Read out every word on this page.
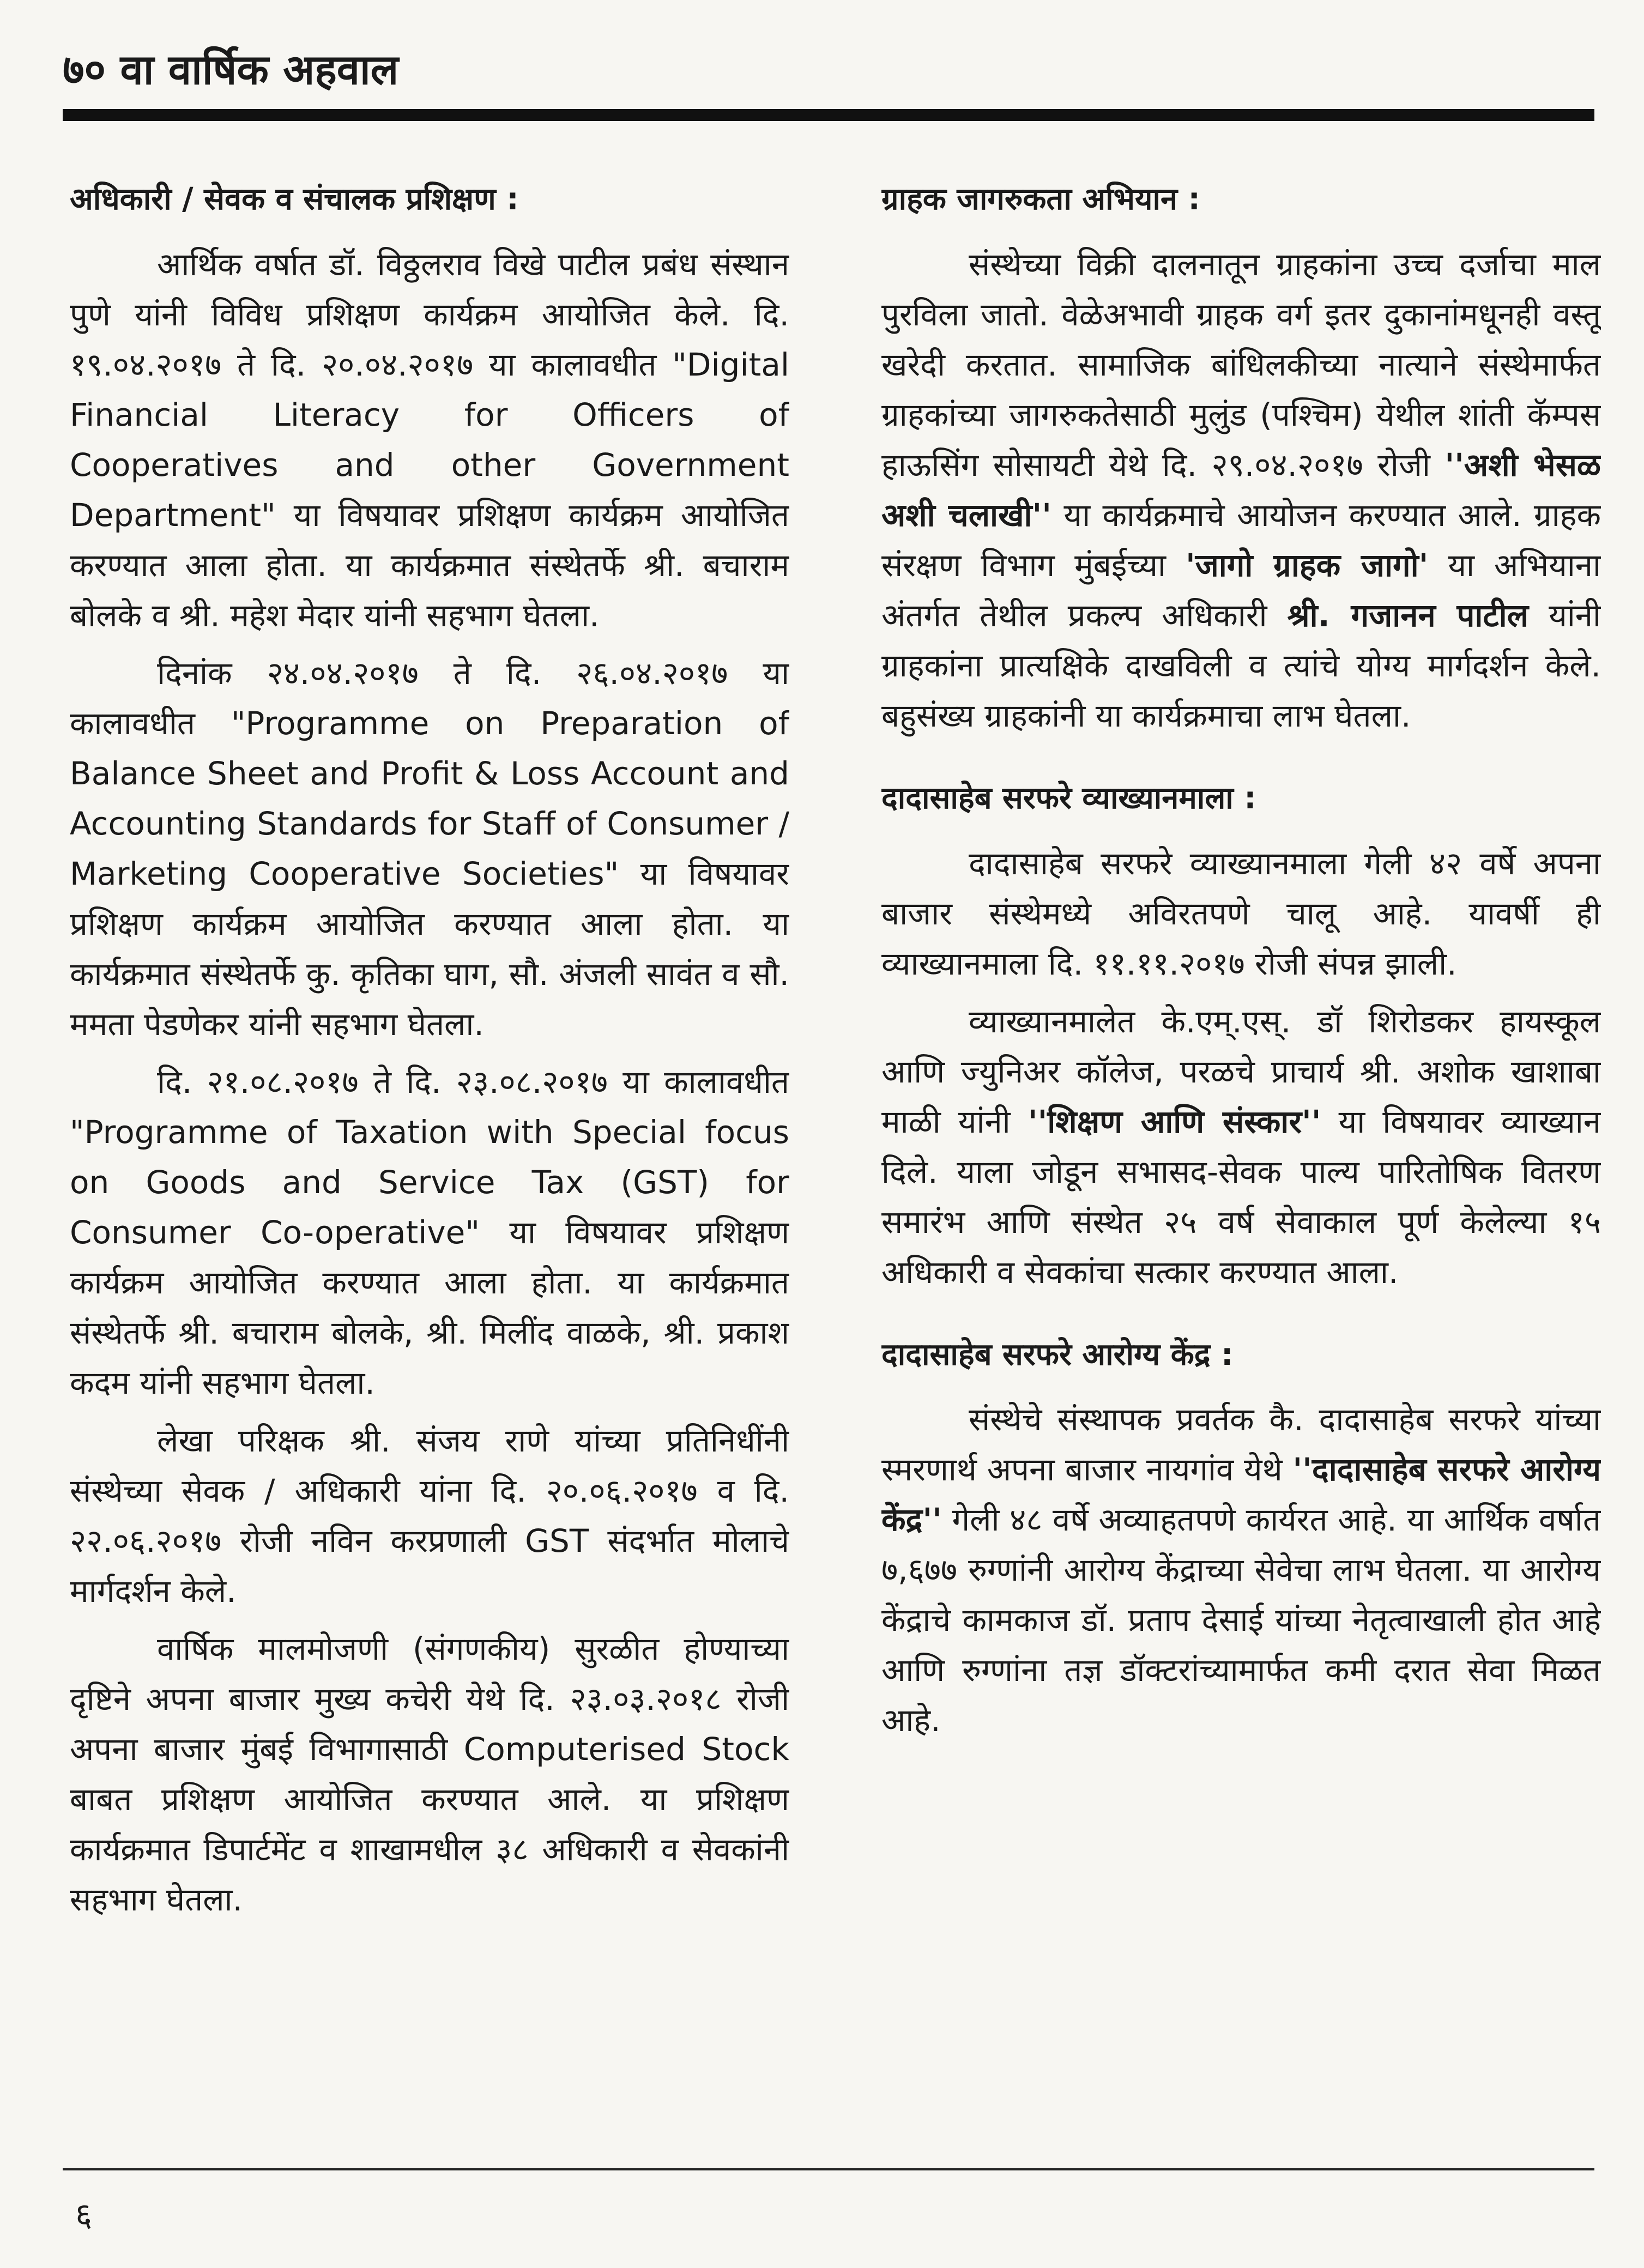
७० वा वार्षिक अहवाल
अधिकारी / सेवक व संचालक प्रशिक्षण :

आर्थिक वर्षात डॉ. विठ्ठलराव विखे पाटील प्रबंध संस्थान पुणे यांनी विविध प्रशिक्षण कार्यक्रम आयोजित केले. दि. १९.०४.२०१७ ते दि. २०.०४.२०१७ या कालावधीत "Digital Financial Literacy for Officers of Cooperatives and other Government Department" या विषयावर प्रशिक्षण कार्यक्रम आयोजित करण्यात आला होता. या कार्यक्रमात संस्थेतर्फे श्री. बचाराम बोलके व श्री. महेश मेदार यांनी सहभाग घेतला.

दिनांक २४.०४.२०१७ ते दि. २६.०४.२०१७ या कालावधीत "Programme on Preparation of Balance Sheet and Profit & Loss Account and Accounting Standards for Staff of Consumer / Marketing Cooperative Societies" या विषयावर प्रशिक्षण कार्यक्रम आयोजित करण्यात आला होता. या कार्यक्रमात संस्थेतर्फे कु. कृतिका घाग, सौ. अंजली सावंत व सौ. ममता पेडणेकर यांनी सहभाग घेतला.

दि. २१.०८.२०१७ ते दि. २३.०८.२०१७ या कालावधीत "Programme of Taxation with Special focus on Goods and Service Tax (GST) for Consumer Co-operative" या विषयावर प्रशिक्षण कार्यक्रम आयोजित करण्यात आला होता. या कार्यक्रमात संस्थेतर्फे श्री. बचाराम बोलके, श्री. मिलींद वाळके, श्री. प्रकाश कदम यांनी सहभाग घेतला.

लेखा परिक्षक श्री. संजय राणे यांच्या प्रतिनिधींनी संस्थेच्या सेवक / अधिकारी यांना दि. २०.०६.२०१७ व दि. २२.०६.२०१७ रोजी नविन करप्रणाली GST संदर्भात मोलाचे मार्गदर्शन केले.

वार्षिक मालमोजणी (संगणकीय) सुरळीत होण्याच्या दृष्टिने अपना बाजार मुख्य कचेरी येथे दि. २३.०३.२०१८ रोजी अपना बाजार मुंबई विभागासाठी Computerised Stock बाबत प्रशिक्षण आयोजित करण्यात आले. या प्रशिक्षण कार्यक्रमात डिपार्टमेंट व शाखामधील ३८ अधिकारी व सेवकांनी सहभाग घेतला.

ग्राहक जागरुकता अभियान :

संस्थेच्या विक्री दालनातून ग्राहकांना उच्च दर्जाचा माल पुरविला जातो. वेळेअभावी ग्राहक वर्ग इतर दुकानांमधूनही वस्तू खरेदी करतात. सामाजिक बांधिलकीच्या नात्याने संस्थेमार्फत ग्राहकांच्या जागरुकतेसाठी मुलुंड (पश्चिम) येथील शांती कॅम्पस हाऊसिंग सोसायटी येथे दि. २९.०४.२०१७ रोजी ''अशी भेसळ अशी चलाखी'' या कार्यक्रमाचे आयोजन करण्यात आले. ग्राहक संरक्षण विभाग मुंबईच्या 'जागो ग्राहक जागो' या अभियाना अंतर्गत तेथील प्रकल्प अधिकारी श्री. गजानन पाटील यांनी ग्राहकांना प्रात्यक्षिके दाखविली व त्यांचे योग्य मार्गदर्शन केले. बहुसंख्य ग्राहकांनी या कार्यक्रमाचा लाभ घेतला.

दादासाहेब सरफरे व्याख्यानमाला :

दादासाहेब सरफरे व्याख्यानमाला गेली ४२ वर्षे अपना बाजार संस्थेमध्ये अविरतपणे चालू आहे. यावर्षी ही व्याख्यानमाला दि. ११.११.२०१७ रोजी संपन्न झाली.

व्याख्यानमालेत के.एम्.एस्. डॉ शिरोडकर हायस्कूल आणि ज्युनिअर कॉलेज, परळचे प्राचार्य श्री. अशोक खाशाबा माळी यांनी ''शिक्षण आणि संस्कार'' या विषयावर व्याख्यान दिले. याला जोडून सभासद-सेवक पाल्य पारितोषिक वितरण समारंभ आणि संस्थेत २५ वर्ष सेवाकाल पूर्ण केलेल्या १५ अधिकारी व सेवकांचा सत्कार करण्यात आला.

दादासाहेब सरफरे आरोग्य केंद्र :

संस्थेचे संस्थापक प्रवर्तक कै. दादासाहेब सरफरे यांच्या स्मरणार्थ अपना बाजार नायगांव येथे ''दादासाहेब सरफरे आरोग्य केंद्र'' गेली ४८ वर्षे अव्याहतपणे कार्यरत आहे. या आर्थिक वर्षात ७,६७७ रुग्णांनी आरोग्य केंद्राच्या सेवेचा लाभ घेतला. या आरोग्य केंद्राचे कामकाज डॉ. प्रताप देसाई यांच्या नेतृत्वाखाली होत आहे आणि रुग्णांना तज्ञ डॉक्टरांच्यामार्फत कमी दरात सेवा मिळत आहे.

६
